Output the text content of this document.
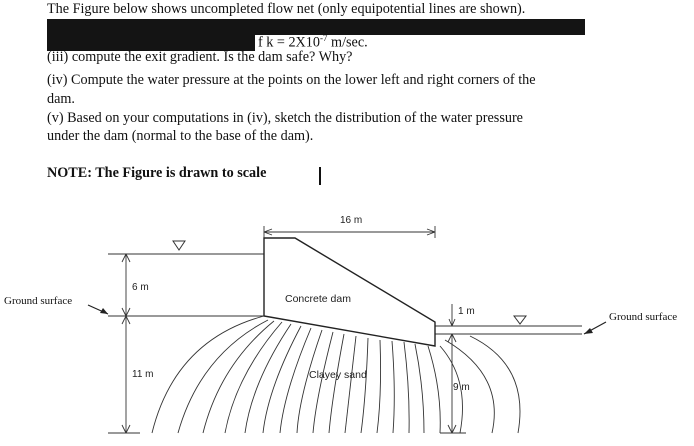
The Figure below shows uncompleted flow net (only equipotential lines are shown).
f $k = 2X10^{-7}$ m/sec.
(iii) compute the exit gradient. Is the dam safe? Why?
(iv) Compute the water pressure at the points on the lower left and right corners of the
dam.
(v) Based on your computations in (iv), sketch the distribution of the water pressure
under the dam (normal to the base of the dam).
NOTE: The Figure is drawn to scale
16 m
6 m
11 m
1 m
9 m
Concrete dam
Clayey sand
Ground surface
Ground surface
